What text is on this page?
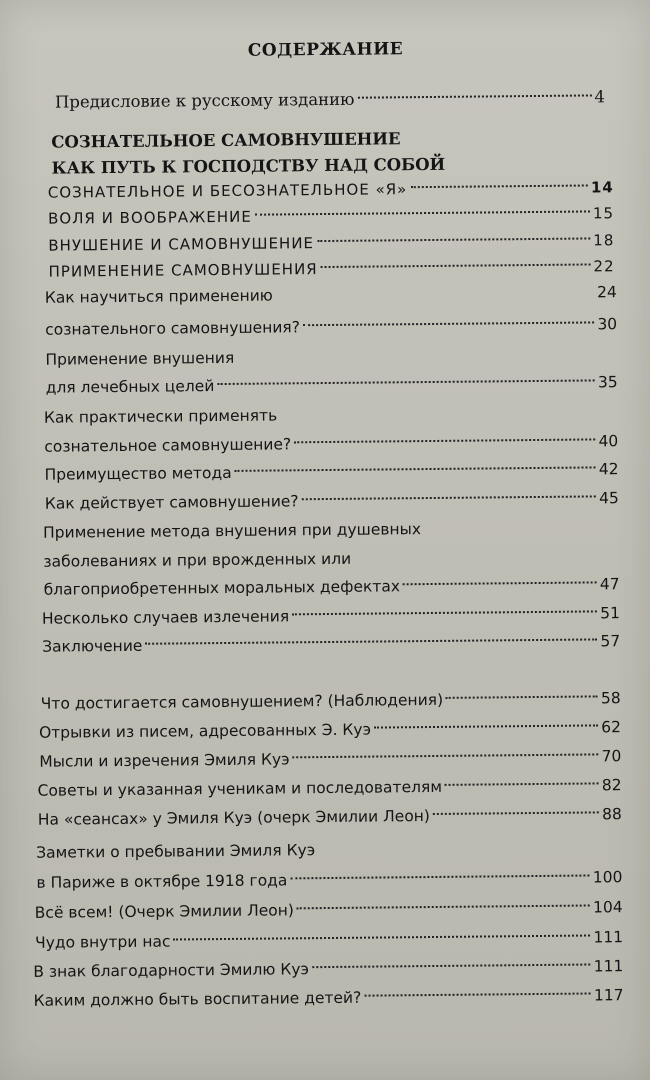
СОДЕРЖАНИЕ
Предисловие к русскому изданию	4
СОЗНАТЕЛЬНОЕ САМОВНУШЕНИЕ
КАК ПУТЬ К ГОСПОДСТВУ НАД СОБОЙ
СОЗНАТЕЛЬНОЕ И БЕСОЗНАТЕЛЬНОЕ «Я»	14
ВОЛЯ И ВООБРАЖЕНИЕ	15
ВНУШЕНИЕ И САМОВНУШЕНИЕ	18
ПРИМЕНЕНИЕ САМОВНУШЕНИЯ	22
Как научиться применению	24
сознательного самовнушения?	30
Применение внушения
для лечебных целей	35
Как практически применять
сознательное самовнушение?	40
Преимущество метода	42
Как действует самовнушение?	45
Применение метода внушения при душевных
заболеваниях и при врожденных или
благоприобретенных моральных дефектах	47
Несколько случаев излечения	51
Заключение	57
Что достигается самовнушением? (Наблюдения)	58
Отрывки из писем, адресованных Э. Куэ	62
Мысли и изречения Эмиля Куэ	70
Советы и указанная ученикам и последователям	82
На «сеансах» у Эмиля Куэ (очерк Эмилии Леон)	88
Заметки о пребывании Эмиля Куэ
в Париже в октябре 1918 года	100
Всё всем! (Очерк Эмилии Леон)	104
Чудо внутри нас	111
В знак благодарности Эмилю Куэ	111
Каким должно быть воспитание детей?	117
